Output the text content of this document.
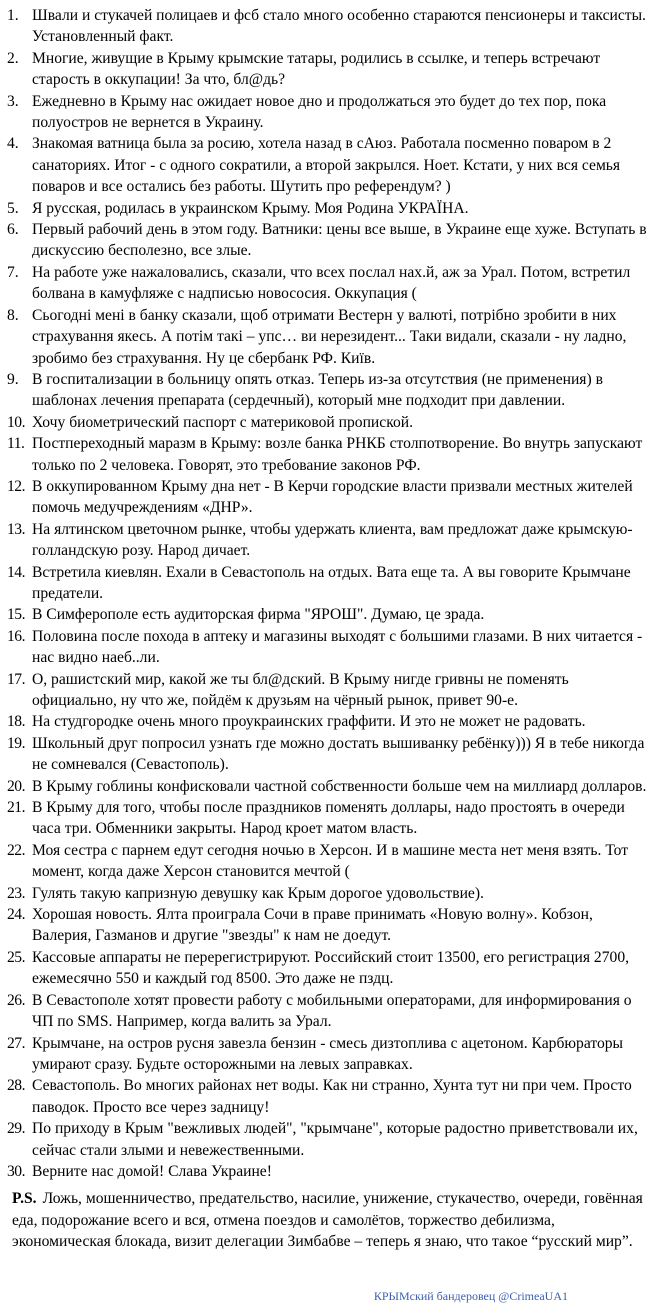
1. Швали и стукачей полицаев и фсб стало много особенно стараются пенсионеры и таксисты. Установленный факт.
2. Многие, живущие в Крыму крымские татары, родились в ссылке, и теперь встречают старость в оккупации! За что, бл@дь?
3. Ежедневно в Крыму нас ожидает новое дно и продолжаться это будет до тех пор, пока полуостров не вернется в Украину.
4. Знакомая ватница была за росию, хотела назад в сАюз. Работала посменно поваром в 2 санаториях. Итог - с одного сократили, а второй закрылся. Ноет. Кстати, у них вся семья поваров и все остались без работы. Шутить про референдум? )
5. Я русская, родилась в украинском Крыму. Моя Родина УКРАЇНА.
6. Первый рабочий день в этом году. Ватники: цены все выше, в Украине еще хуже. Вступать в дискуссию бесполезно, все злые.
7. На работе уже нажаловались, сказали, что всех послал нах.й, аж за Урал. Потом, встретил болвана в камуфляже с надписью новососия. Оккупация (
8. Сьогодні мені в банку сказали, щоб отримати Вестерн у валюті, потрібно зробити в них страхування якесь. А потім такі – упс… ви нерезидент... Таки видали, сказали - ну ладно, зробимо без страхування. Ну це сбербанк РФ. Київ.
9. В госпитализации в больницу опять отказ. Теперь из-за отсутствия (не применения) в шаблонах лечения препарата (сердечный), который мне подходит при давлении.
10. Хочу биометрический паспорт с материковой пропиской.
11. Постпереходный маразм в Крыму: возле банка РНКБ столпотворение. Во внутрь запускают только по 2 человека. Говорят, это требование законов РФ.
12. В оккупированном Крыму дна нет - В Керчи городские власти призвали местных жителей помочь медучреждениям «ДНР».
13. На ялтинском цветочном рынке, чтобы удержать клиента, вам предложат даже крымскую-голландскую розу. Народ дичает.
14. Встретила киевлян. Ехали в Севастополь на отдых. Вата еще та. А вы говорите Крымчане предатели.
15. В Симферополе есть аудиторская фирма "ЯРОШ". Думаю, це зрада.
16. Половина после похода в аптеку и магазины выходят с большими глазами. В них читается - нас видно наеб..ли.
17. О, рашистский мир, какой же ты бл@дский. В Крыму нигде гривны не поменять официально, ну что же, пойдём к друзьям на чёрный рынок, привет 90-е.
18. На студгородке очень много проукраинских граффити. И это не может не радовать.
19. Школьный друг попросил узнать где можно достать вышиванку ребёнку))) Я в тебе никогда не сомневался (Севастополь).
20. В Крыму гоблины конфисковали частной собственности больше чем на миллиард долларов.
21. В Крыму для того, чтобы после праздников поменять доллары, надо простоять в очереди часа три. Обменники закрыты. Народ кроет матом власть.
22. Моя сестра с парнем едут сегодня ночью в Херсон. И в машине места нет меня взять. Тот момент, когда даже Херсон становится мечтой (
23. Гулять такую капризную девушку как Крым дорогое удовольствие).
24. Хорошая новость. Ялта проиграла Сочи в праве принимать «Новую волну». Кобзон, Валерия, Газманов и другие "звезды" к нам не доедут.
25. Кассовые аппараты не перерегистрируют. Российский стоит 13500, его регистрация 2700, ежемесячно 550 и каждый год 8500. Это даже не пздц.
26. В Севастополе хотят провести работу с мобильными операторами, для информирования о ЧП по SMS. Например, когда валить за Урал.
27. Крымчане, на остров русня завезла бензин - смесь дизтоплива с ацетоном. Карбюраторы умирают сразу. Будьте осторожными на левых заправках.
28. Севастополь. Во многих районах нет воды. Как ни странно, Хунта тут ни при чем. Просто паводок. Просто все через задницу!
29. По приходу в Крым "вежливых людей", "крымчане", которые радостно приветствовали их, сейчас стали злыми и невежественными.
30. Верните нас домой! Слава Украине!
P.S. Ложь, мошенничество, предательство, насилие, унижение, стукачество, очереди, говённая еда, подорожание всего и вся, отмена поездов и самолётов, торжество дебилизма, экономическая блокада, визит делегации Зимбабве – теперь я знаю, что такое “русский мир”.
КРЫМский бандеровец @CrimeaUA1
